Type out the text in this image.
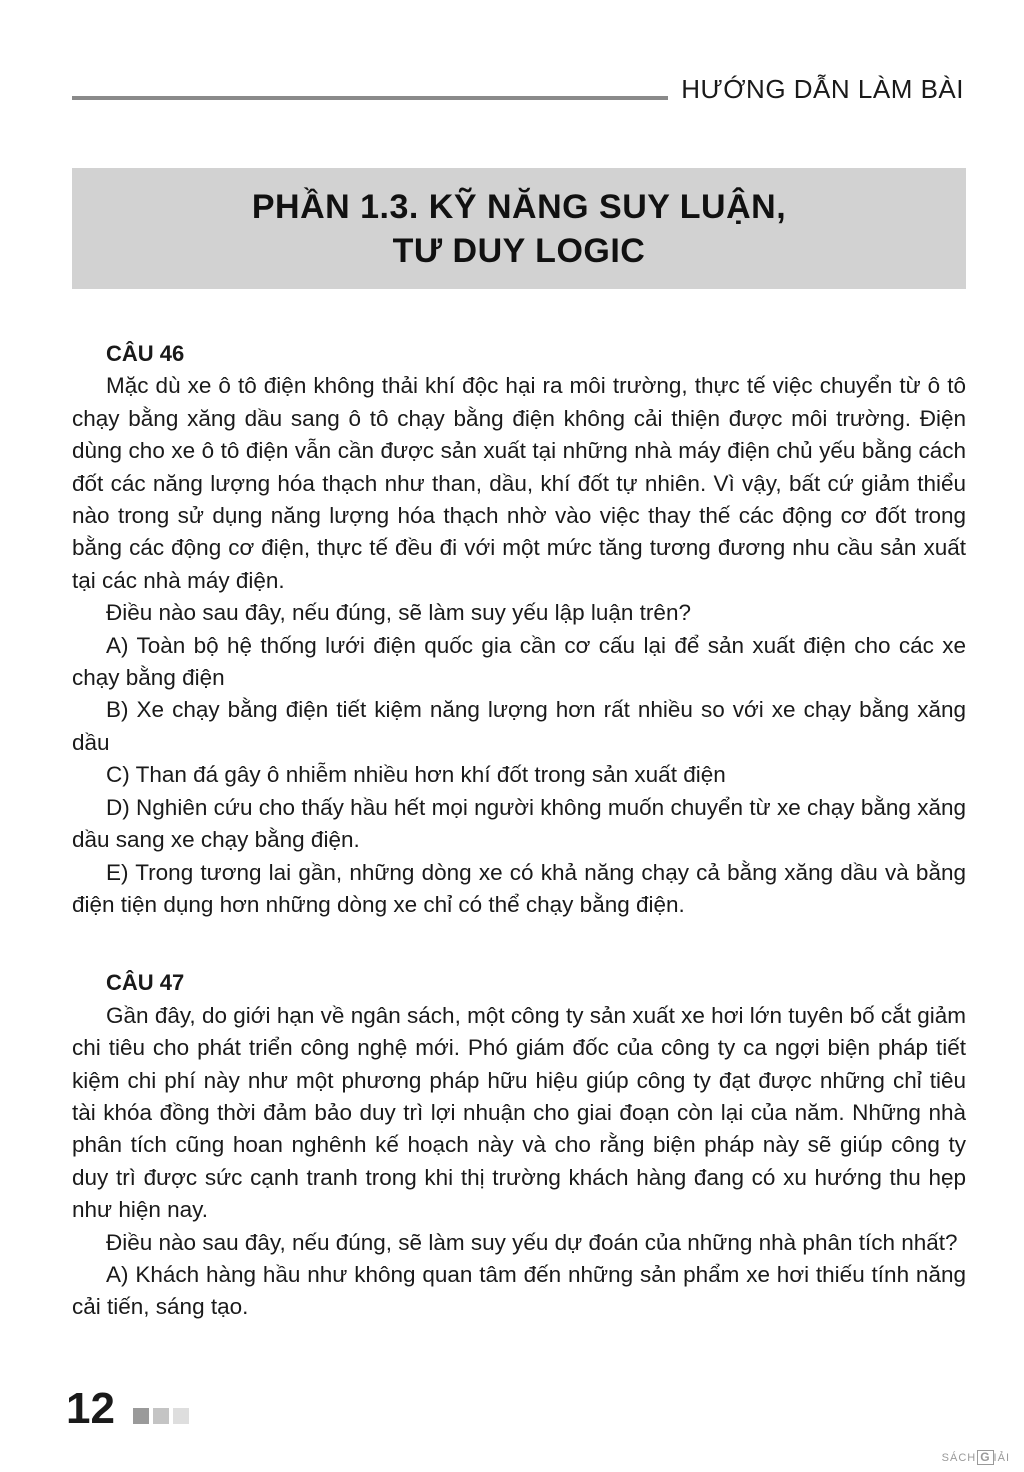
HƯỚNG DẪN LÀM BÀI
PHẦN 1.3. KỸ NĂNG SUY LUẬN,
TƯ DUY LOGIC

CÂU 46

Mặc dù xe ô tô điện không thải khí độc hại ra môi trường, thực tế việc chuyển từ ô tô chạy bằng xăng dầu sang ô tô chạy bằng điện không cải thiện được môi trường. Điện dùng cho xe ô tô điện vẫn cần được sản xuất tại những nhà máy điện chủ yếu bằng cách đốt các năng lượng hóa thạch như than, dầu, khí đốt tự nhiên. Vì vậy, bất cứ giảm thiểu nào trong sử dụng năng lượng hóa thạch nhờ vào việc thay thế các động cơ đốt trong bằng các động cơ điện, thực tế đều đi với một mức tăng tương đương nhu cầu sản xuất tại các nhà máy điện.

Điều nào sau đây, nếu đúng, sẽ làm suy yếu lập luận trên?

A) Toàn bộ hệ thống lưới điện quốc gia cần cơ cấu lại để sản xuất điện cho các xe chạy bằng điện

B) Xe chạy bằng điện tiết kiệm năng lượng hơn rất nhiều so với xe chạy bằng xăng dầu

C) Than đá gây ô nhiễm nhiều hơn khí đốt trong sản xuất điện

D) Nghiên cứu cho thấy hầu hết mọi người không muốn chuyển từ xe chạy bằng xăng dầu sang xe chạy bằng điện.

E) Trong tương lai gần, những dòng xe có khả năng chạy cả bằng xăng dầu và bằng điện tiện dụng hơn những dòng xe chỉ có thể chạy bằng điện.

CÂU 47

Gần đây, do giới hạn về ngân sách, một công ty sản xuất xe hơi lớn tuyên bố cắt giảm chi tiêu cho phát triển công nghệ mới. Phó giám đốc của công ty ca ngợi biện pháp tiết kiệm chi phí này như một phương pháp hữu hiệu giúp công ty đạt được những chỉ tiêu tài khóa đồng thời đảm bảo duy trì lợi nhuận cho giai đoạn còn lại của năm. Những nhà phân tích cũng hoan nghênh kế hoạch này và cho rằng biện pháp này sẽ giúp công ty duy trì được sức cạnh tranh trong khi thị trường khách hàng đang có xu hướng thu hẹp như hiện nay.

Điều nào sau đây, nếu đúng, sẽ làm suy yếu dự đoán của những nhà phân tích nhất?

A) Khách hàng hầu như không quan tâm đến những sản phẩm xe hơi thiếu tính năng cải tiến, sáng tạo.

12
SÁCH G IẢI
